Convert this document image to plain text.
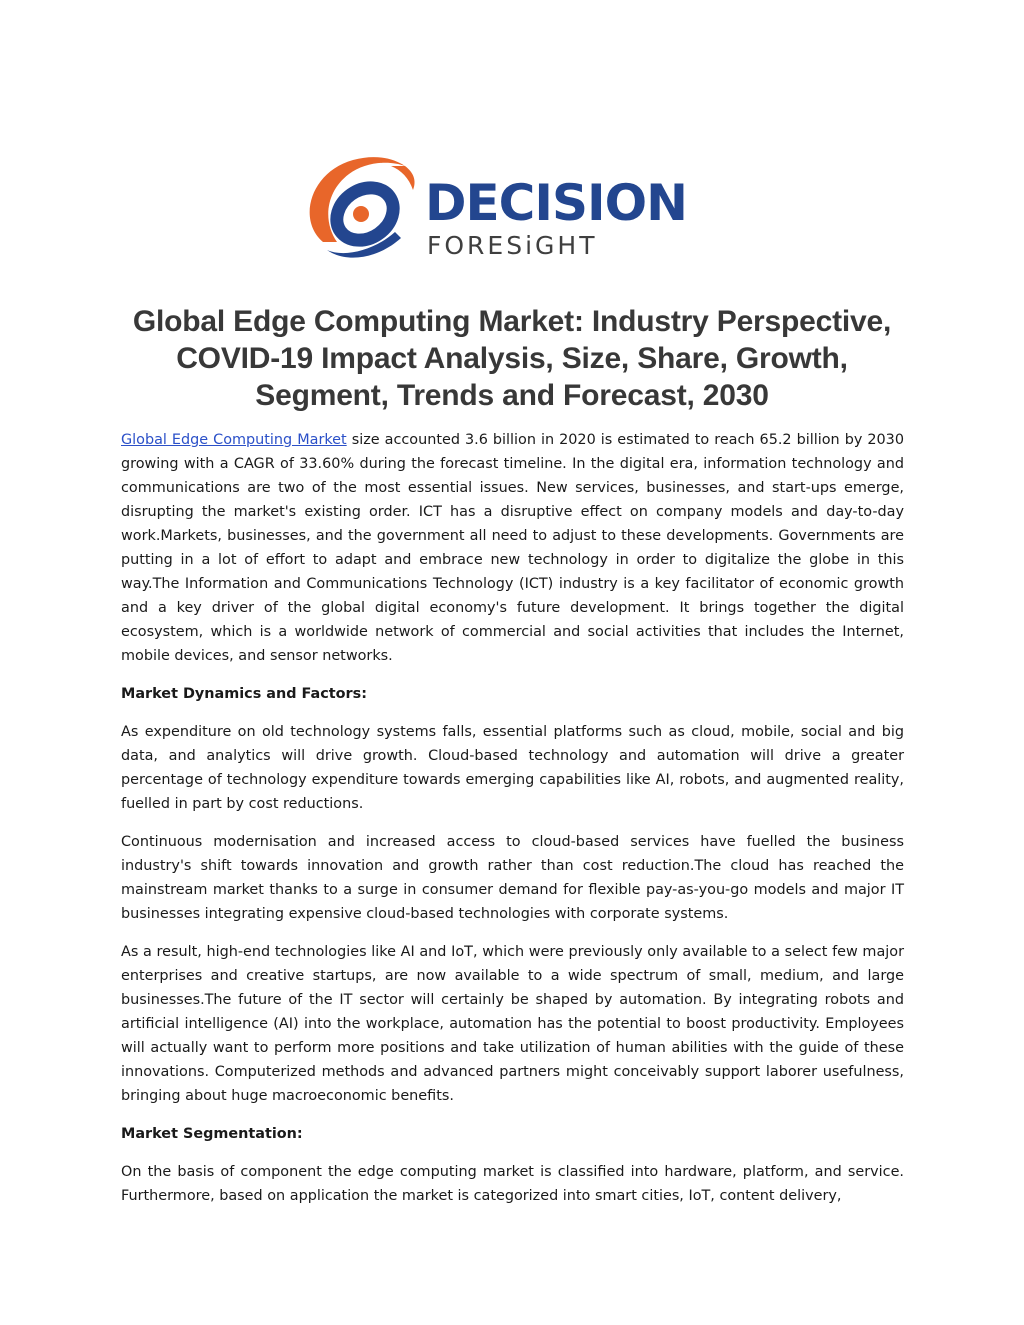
DECISION
FORESiGHT
Global Edge Computing Market: Industry Perspective, COVID-19 Impact Analysis, Size, Share, Growth, Segment, Trends and Forecast, 2030

Global Edge Computing Market size accounted 3.6 billion in 2020 is estimated to reach 65.2 billion by 2030 growing with a CAGR of 33.60% during the forecast timeline. In the digital era, information technology and communications are two of the most essential issues. New services, businesses, and start-ups emerge, disrupting the market's existing order. ICT has a disruptive effect on company models and day-to-day work.Markets, businesses, and the government all need to adjust to these developments. Governments are putting in a lot of effort to adapt and embrace new technology in order to digitalize the globe in this way.The Information and Communications Technology (ICT) industry is a key facilitator of economic growth and a key driver of the global digital economy's future development. It brings together the digital ecosystem, which is a worldwide network of commercial and social activities that includes the Internet, mobile devices, and sensor networks.

Market Dynamics and Factors:

As expenditure on old technology systems falls, essential platforms such as cloud, mobile, social and big data, and analytics will drive growth. Cloud-based technology and automation will drive a greater percentage of technology expenditure towards emerging capabilities like AI, robots, and augmented reality, fuelled in part by cost reductions.

Continuous modernisation and increased access to cloud-based services have fuelled the business industry's shift towards innovation and growth rather than cost reduction.The cloud has reached the mainstream market thanks to a surge in consumer demand for flexible pay-as-you-go models and major IT businesses integrating expensive cloud-based technologies with corporate systems.

As a result, high-end technologies like AI and IoT, which were previously only available to a select few major enterprises and creative startups, are now available to a wide spectrum of small, medium, and large businesses.The future of the IT sector will certainly be shaped by automation. By integrating robots and artificial intelligence (AI) into the workplace, automation has the potential to boost productivity. Employees will actually want to perform more positions and take utilization of human abilities with the guide of these innovations. Computerized methods and advanced partners might conceivably support laborer usefulness, bringing about huge macroeconomic benefits.

Market Segmentation:

On the basis of component the edge computing market is classified into hardware, platform, and service. Furthermore, based on application the market is categorized into smart cities, IoT, content delivery,
